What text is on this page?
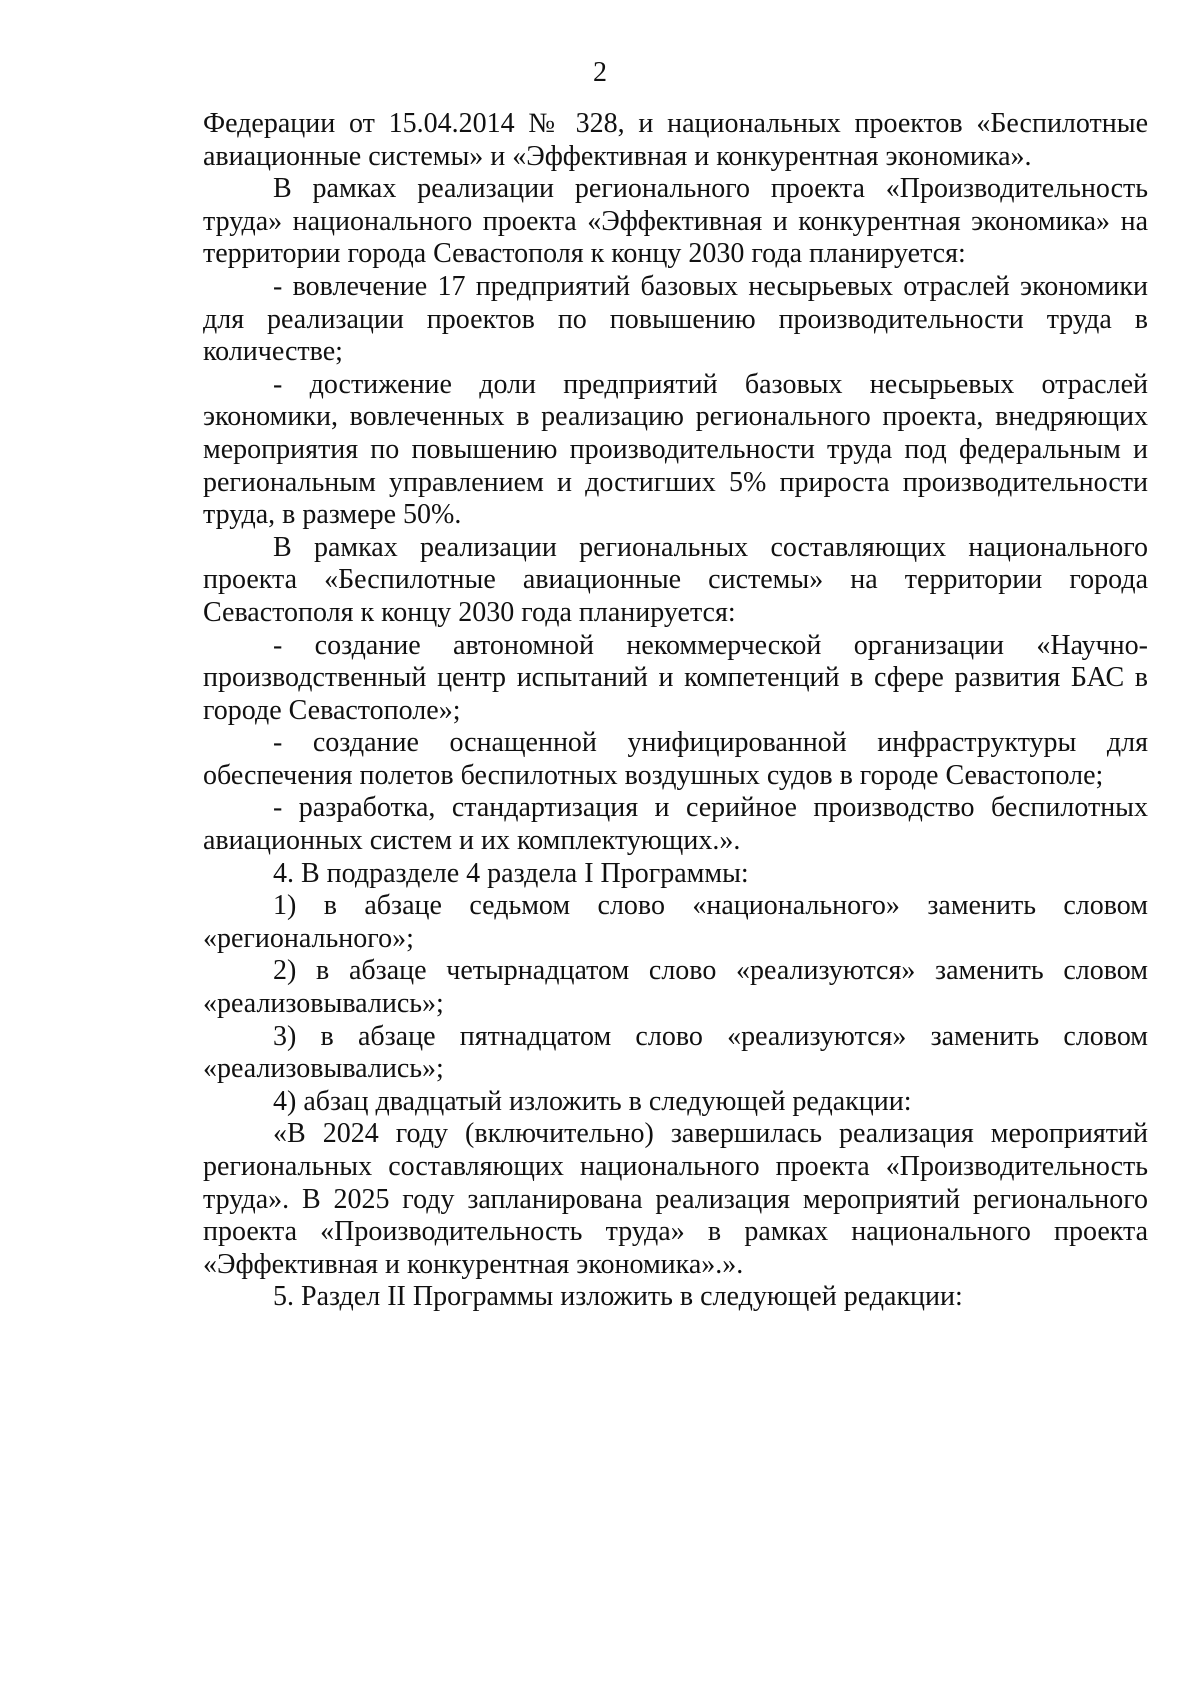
2

Федерации от 15.04.2014 № 328, и национальных проектов «Беспилотные авиационные системы» и «Эффективная и конкурентная экономика».

В рамках реализации регионального проекта «Производительность труда» национального проекта «Эффективная и конкурентная экономика» на территории города Севастополя к концу 2030 года планируется:

- вовлечение 17 предприятий базовых несырьевых отраслей экономики для реализации проектов по повышению производительности труда в количестве;

- достижение доли предприятий базовых несырьевых отраслей экономики, вовлеченных в реализацию регионального проекта, внедряющих мероприятия по повышению производительности труда под федеральным и региональным управлением и достигших 5% прироста производительности труда, в размере 50%.

В рамках реализации региональных составляющих национального проекта «Беспилотные авиационные системы» на территории города Севастополя к концу 2030 года планируется:

- создание автономной некоммерческой организации «Научно-производственный центр испытаний и компетенций в сфере развития БАС в городе Севастополе»;

- создание оснащенной унифицированной инфраструктуры для обеспечения полетов беспилотных воздушных судов в городе Севастополе;

- разработка, стандартизация и серийное производство беспилотных авиационных систем и их комплектующих.».

4. В подразделе 4 раздела I Программы:

1) в абзаце седьмом слово «национального» заменить словом «регионального»;

2) в абзаце четырнадцатом слово «реализуются» заменить словом «реализовывались»;

3) в абзаце пятнадцатом слово «реализуются» заменить словом «реализовывались»;

4) абзац двадцатый изложить в следующей редакции:

«В 2024 году (включительно) завершилась реализация мероприятий региональных составляющих национального проекта «Производительность труда». В 2025 году запланирована реализация мероприятий регионального проекта «Производительность труда» в рамках национального проекта «Эффективная и конкурентная экономика».».

5. Раздел II Программы изложить в следующей редакции:
